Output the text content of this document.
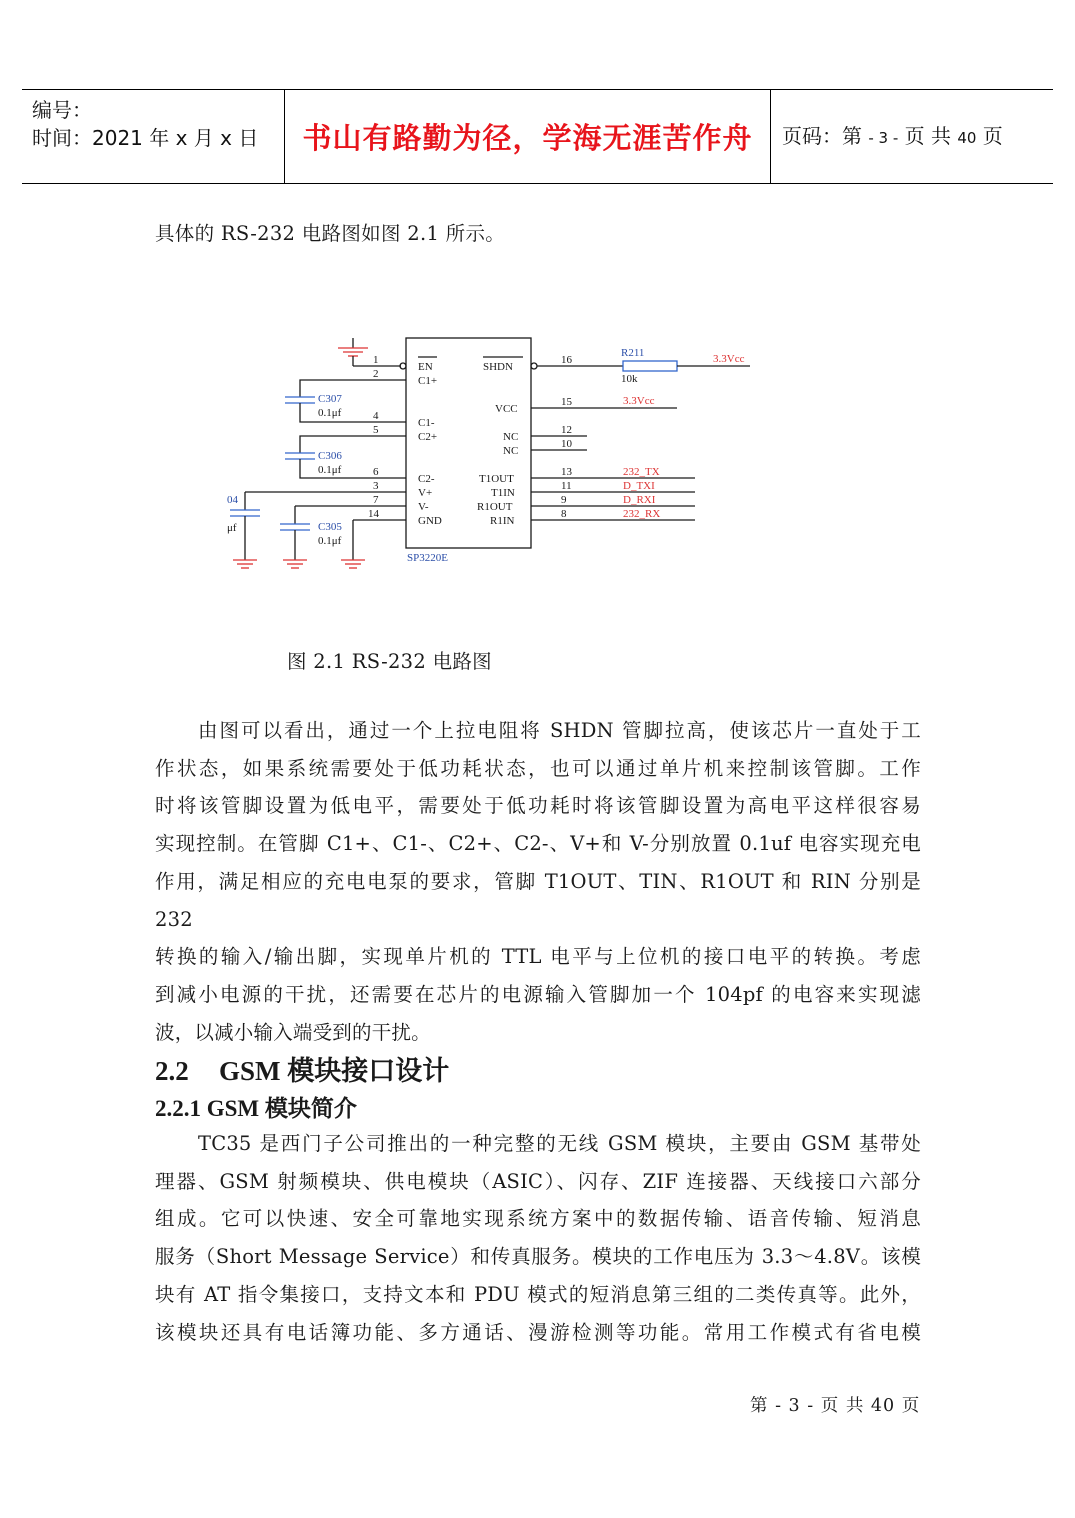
编号：
时间：2021 年 x 月 x 日	书山有路勤为径，学海无涯苦作舟	页码：第 - 3 - 页 共 40 页
具体的 RS-232 电路图如图 2.1 所示。
1
2
4
5
6
3
7
14
EN
C1+
C1-
C2+
C2-
V+
V-
GND
16
15
12
10
13
11
9
8
SHDN
VCC
NC
NC
T1OUT
T1IN
R1OUT
R1IN
SP3220E
R211
10k
3.3Vcc
3.3Vcc
C307
0.1μf
C306
0.1μf
C305
0.1μf
04
μf
232_TX
D_TXI
D_RXI
232_RX
图 2.1 RS-232 电路图

由图可以看出，通过一个上拉电阻将 SHDN 管脚拉高，使该芯片一直处于工

作状态，如果系统需要处于低功耗状态，也可以通过单片机来控制该管脚。工作

时将该管脚设置为低电平，需要处于低功耗时将该管脚设置为高电平这样很容易

实现控制。在管脚 C1+、C1-、C2+、C2-、V+和 V-分别放置 0.1uf 电容实现充电

作用，满足相应的充电电泵的要求，管脚 T1OUT、TIN、R1OUT 和 RIN 分别是 232

转换的输入/输出脚，实现单片机的 TTL 电平与上位机的接口电平的转换。考虑

到减小电源的干扰，还需要在芯片的电源输入管脚加一个 104pf 的电容来实现滤

波，以减小输入端受到的干扰。

2.2 GSM 模块接口设计
2.2.1 GSM 模块简介

TC35 是西门子公司推出的一种完整的无线 GSM 模块，主要由 GSM 基带处

理器、GSM 射频模块、供电模块（ASIC）、闪存、ZIF 连接器、天线接口六部分

组成。它可以快速、安全可靠地实现系统方案中的数据传输、语音传输、短消息

服务（Short Message Service）和传真服务。模块的工作电压为 3.3～4.8V。该模

块有 AT 指令集接口，支持文本和 PDU 模式的短消息第三组的二类传真等。此外，

该模块还具有电话簿功能、多方通话、漫游检测等功能。常用工作模式有省电模

第 - 3 - 页 共 40 页
